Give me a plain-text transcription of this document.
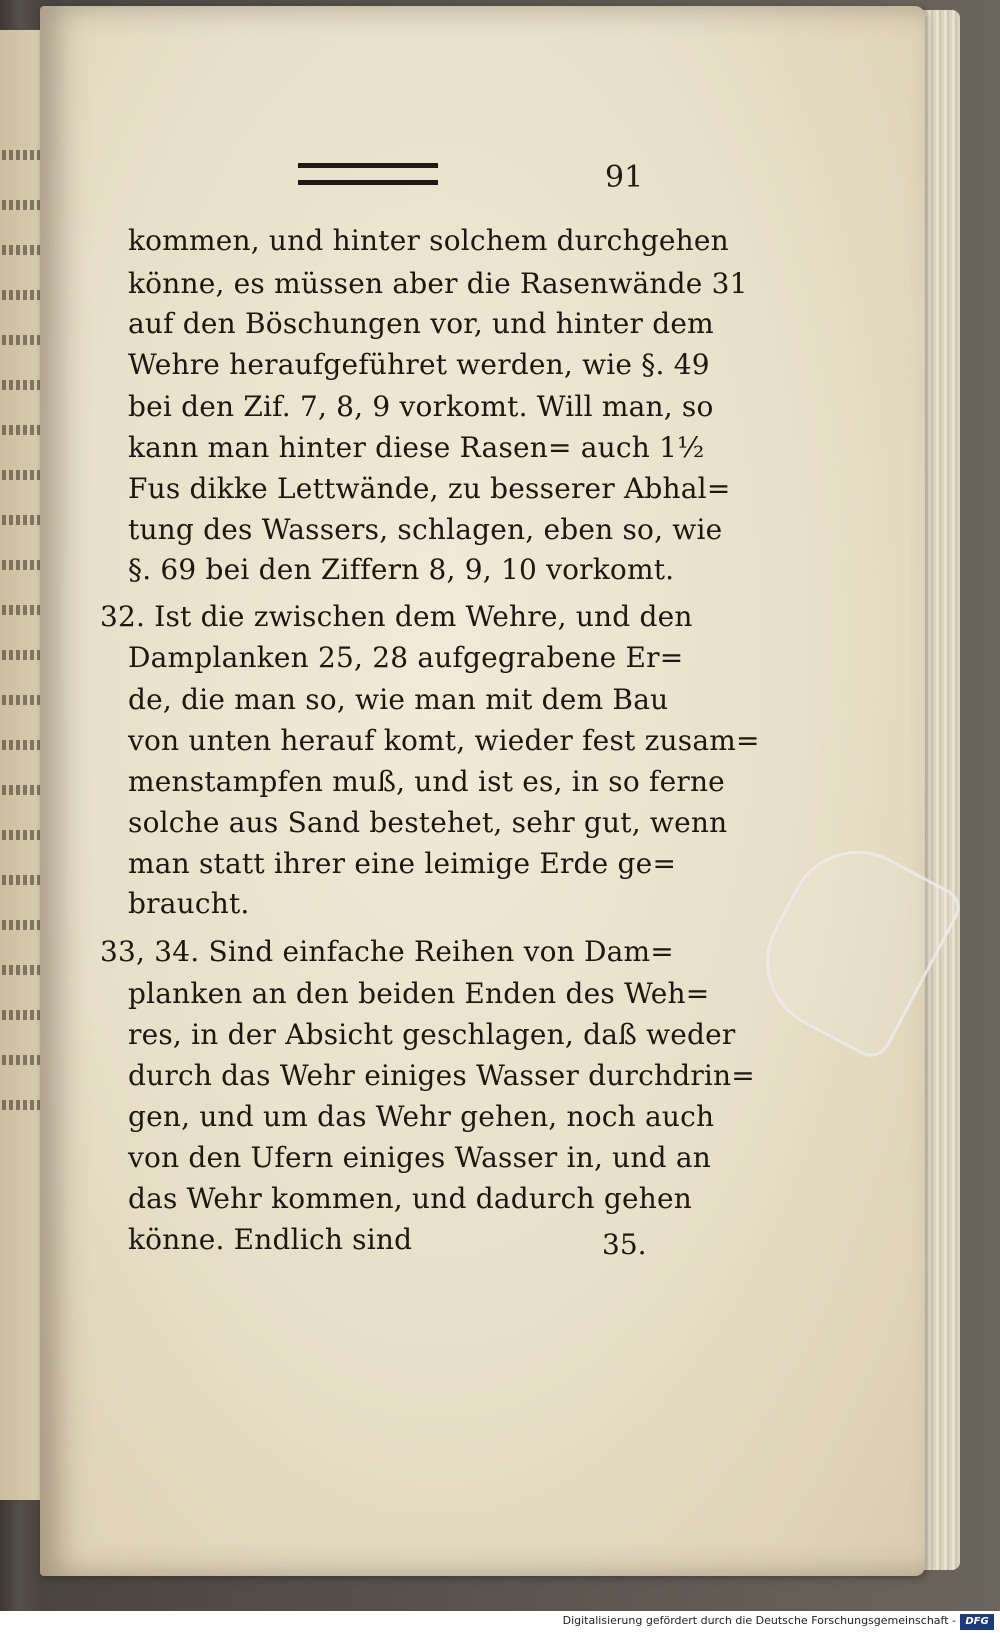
91
kommen, und hinter solchem durchgehen
könne, es müssen aber die Rasenwände 31
auf den Böschungen vor, und hinter dem
Wehre heraufgeführet werden, wie §. 49
bei den Zif. 7, 8, 9 vorkomt. Will man, so
kann man hinter diese Rasen= auch 1½
Fus dikke Lettwände, zu besserer Abhal=
tung des Wassers, schlagen, eben so, wie
§. 69 bei den Ziffern 8, 9, 10 vorkomt.
32. Ist die zwischen dem Wehre, und den
Damplanken 25, 28 aufgegrabene Er=
de, die man so, wie man mit dem Bau
von unten herauf komt, wieder fest zusam=
menstampfen muß, und ist es, in so ferne
solche aus Sand bestehet, sehr gut, wenn
man statt ihrer eine leimige Erde ge=
braucht.
33, 34. Sind einfache Reihen von Dam=
planken an den beiden Enden des Weh=
res, in der Absicht geschlagen, daß weder
durch das Wehr einiges Wasser durchdrin=
gen, und um das Wehr gehen, noch auch
von den Ufern einiges Wasser in, und an
das Wehr kommen, und dadurch gehen
könne. Endlich sind	35.
Digitalisierung gefördert durch die Deutsche Forschungsgemeinschaft - DFG
